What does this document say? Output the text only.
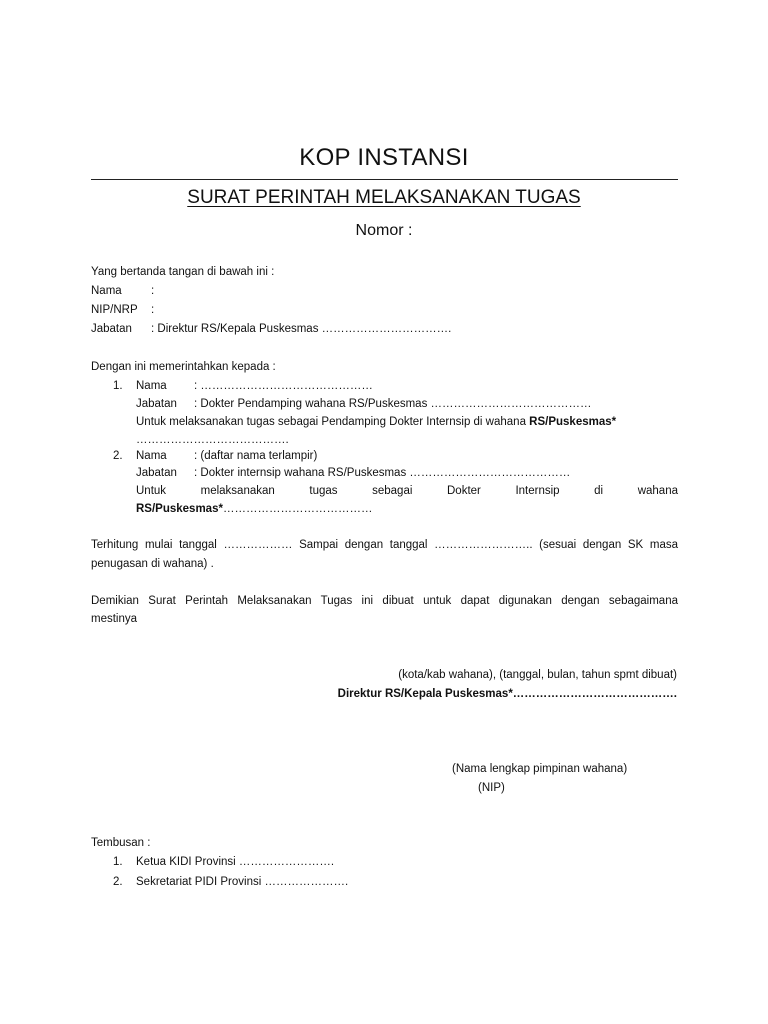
KOP INSTANSI
SURAT PERINTAH MELAKSANAKAN TUGAS
Nomor :
Yang bertanda tangan di bawah ini :
Nama	:
NIP/NRP :
Jabatan : Direktur RS/Kepala Puskesmas …………………………….
Dengan ini memerintahkan kepada :
1. Nama : ………………………………………
Jabatan : Dokter Pendamping wahana RS/Puskesmas ……………………………………
Untuk melaksanakan tugas sebagai Pendamping Dokter Internsip di wahana RS/Puskesmas*
………………………………….
2. Nama : (daftar nama terlampir)
Jabatan : Dokter internsip wahana RS/Puskesmas ……………………………………
Untuk melaksanakan tugas sebagai Dokter Internsip di wahana
RS/Puskesmas*…………………………………
Terhitung mulai tanggal ……………… Sampai dengan tanggal …………………….. (sesuai dengan SK masa
penugasan di wahana) .
Demikian Surat Perintah Melaksanakan Tugas ini dibuat untuk dapat digunakan dengan sebagaimana
mestinya
(kota/kab wahana), (tanggal, bulan, tahun spmt dibuat)
Direktur RS/Kepala Puskesmas*…………………………………….
(Nama lengkap pimpinan wahana)
(NIP)
Tembusan :
1. Ketua KIDI Provinsi …………………….
2. Sekretariat PIDI Provinsi ………………….
